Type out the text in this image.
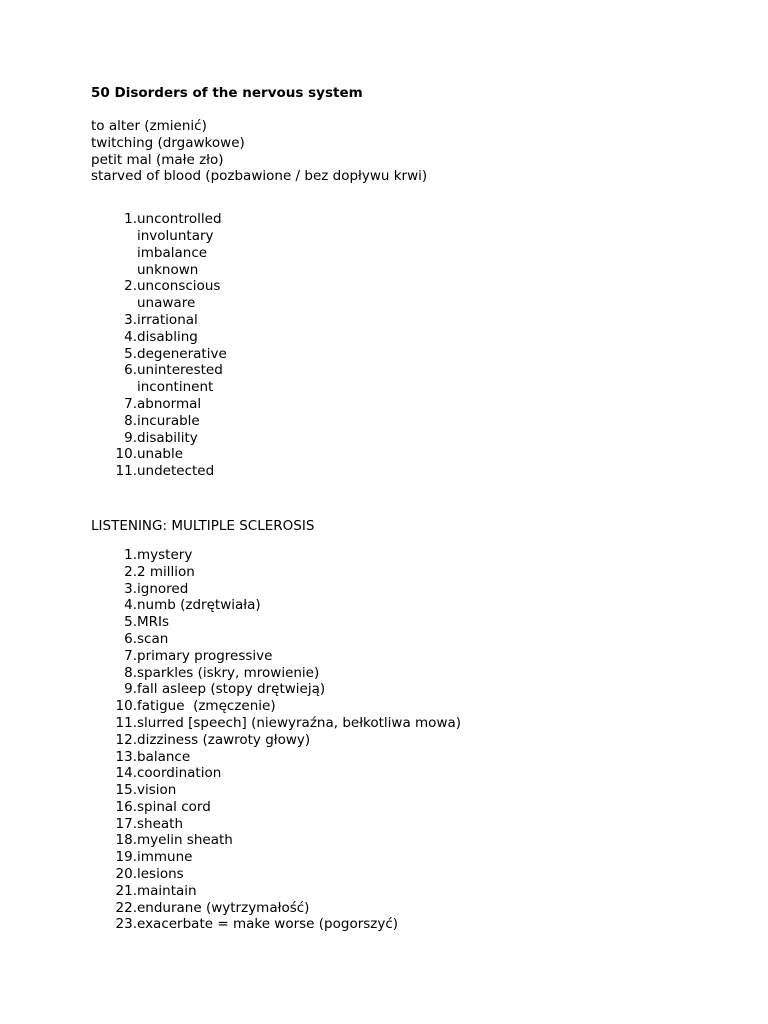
50 Disorders of the nervous system

to alter (zmienić)
twitching (drgawkowe)
petit mal (małe zło)
starved of blood (pozbawione / bez dopływu krwi)
1. uncontrolled
involuntary
imbalance
unknown
2. unconscious
unaware
3. irrational
4. disabling
5. degenerative
6. uninterested
incontinent
7. abnormal
8. incurable
9. disability
10. unable
11. undetected
LISTENING: MULTIPLE SCLEROSIS
1. mystery
2. 2 million
3. ignored
4. numb (zdrętwiała)
5. MRIs
6. scan
7. primary progressive
8. sparkles (iskry, mrowienie)
9. fall asleep (stopy drętwieją)
10. fatigue  (zmęczenie)
11. slurred [speech] (niewyraźna, bełkotliwa mowa)
12. dizziness (zawroty głowy)
13. balance
14. coordination
15. vision
16. spinal cord
17. sheath
18. myelin sheath
19. immune
20. lesions
21. maintain
22. endurane (wytrzymałość)
23. exacerbate = make worse (pogorszyć)
